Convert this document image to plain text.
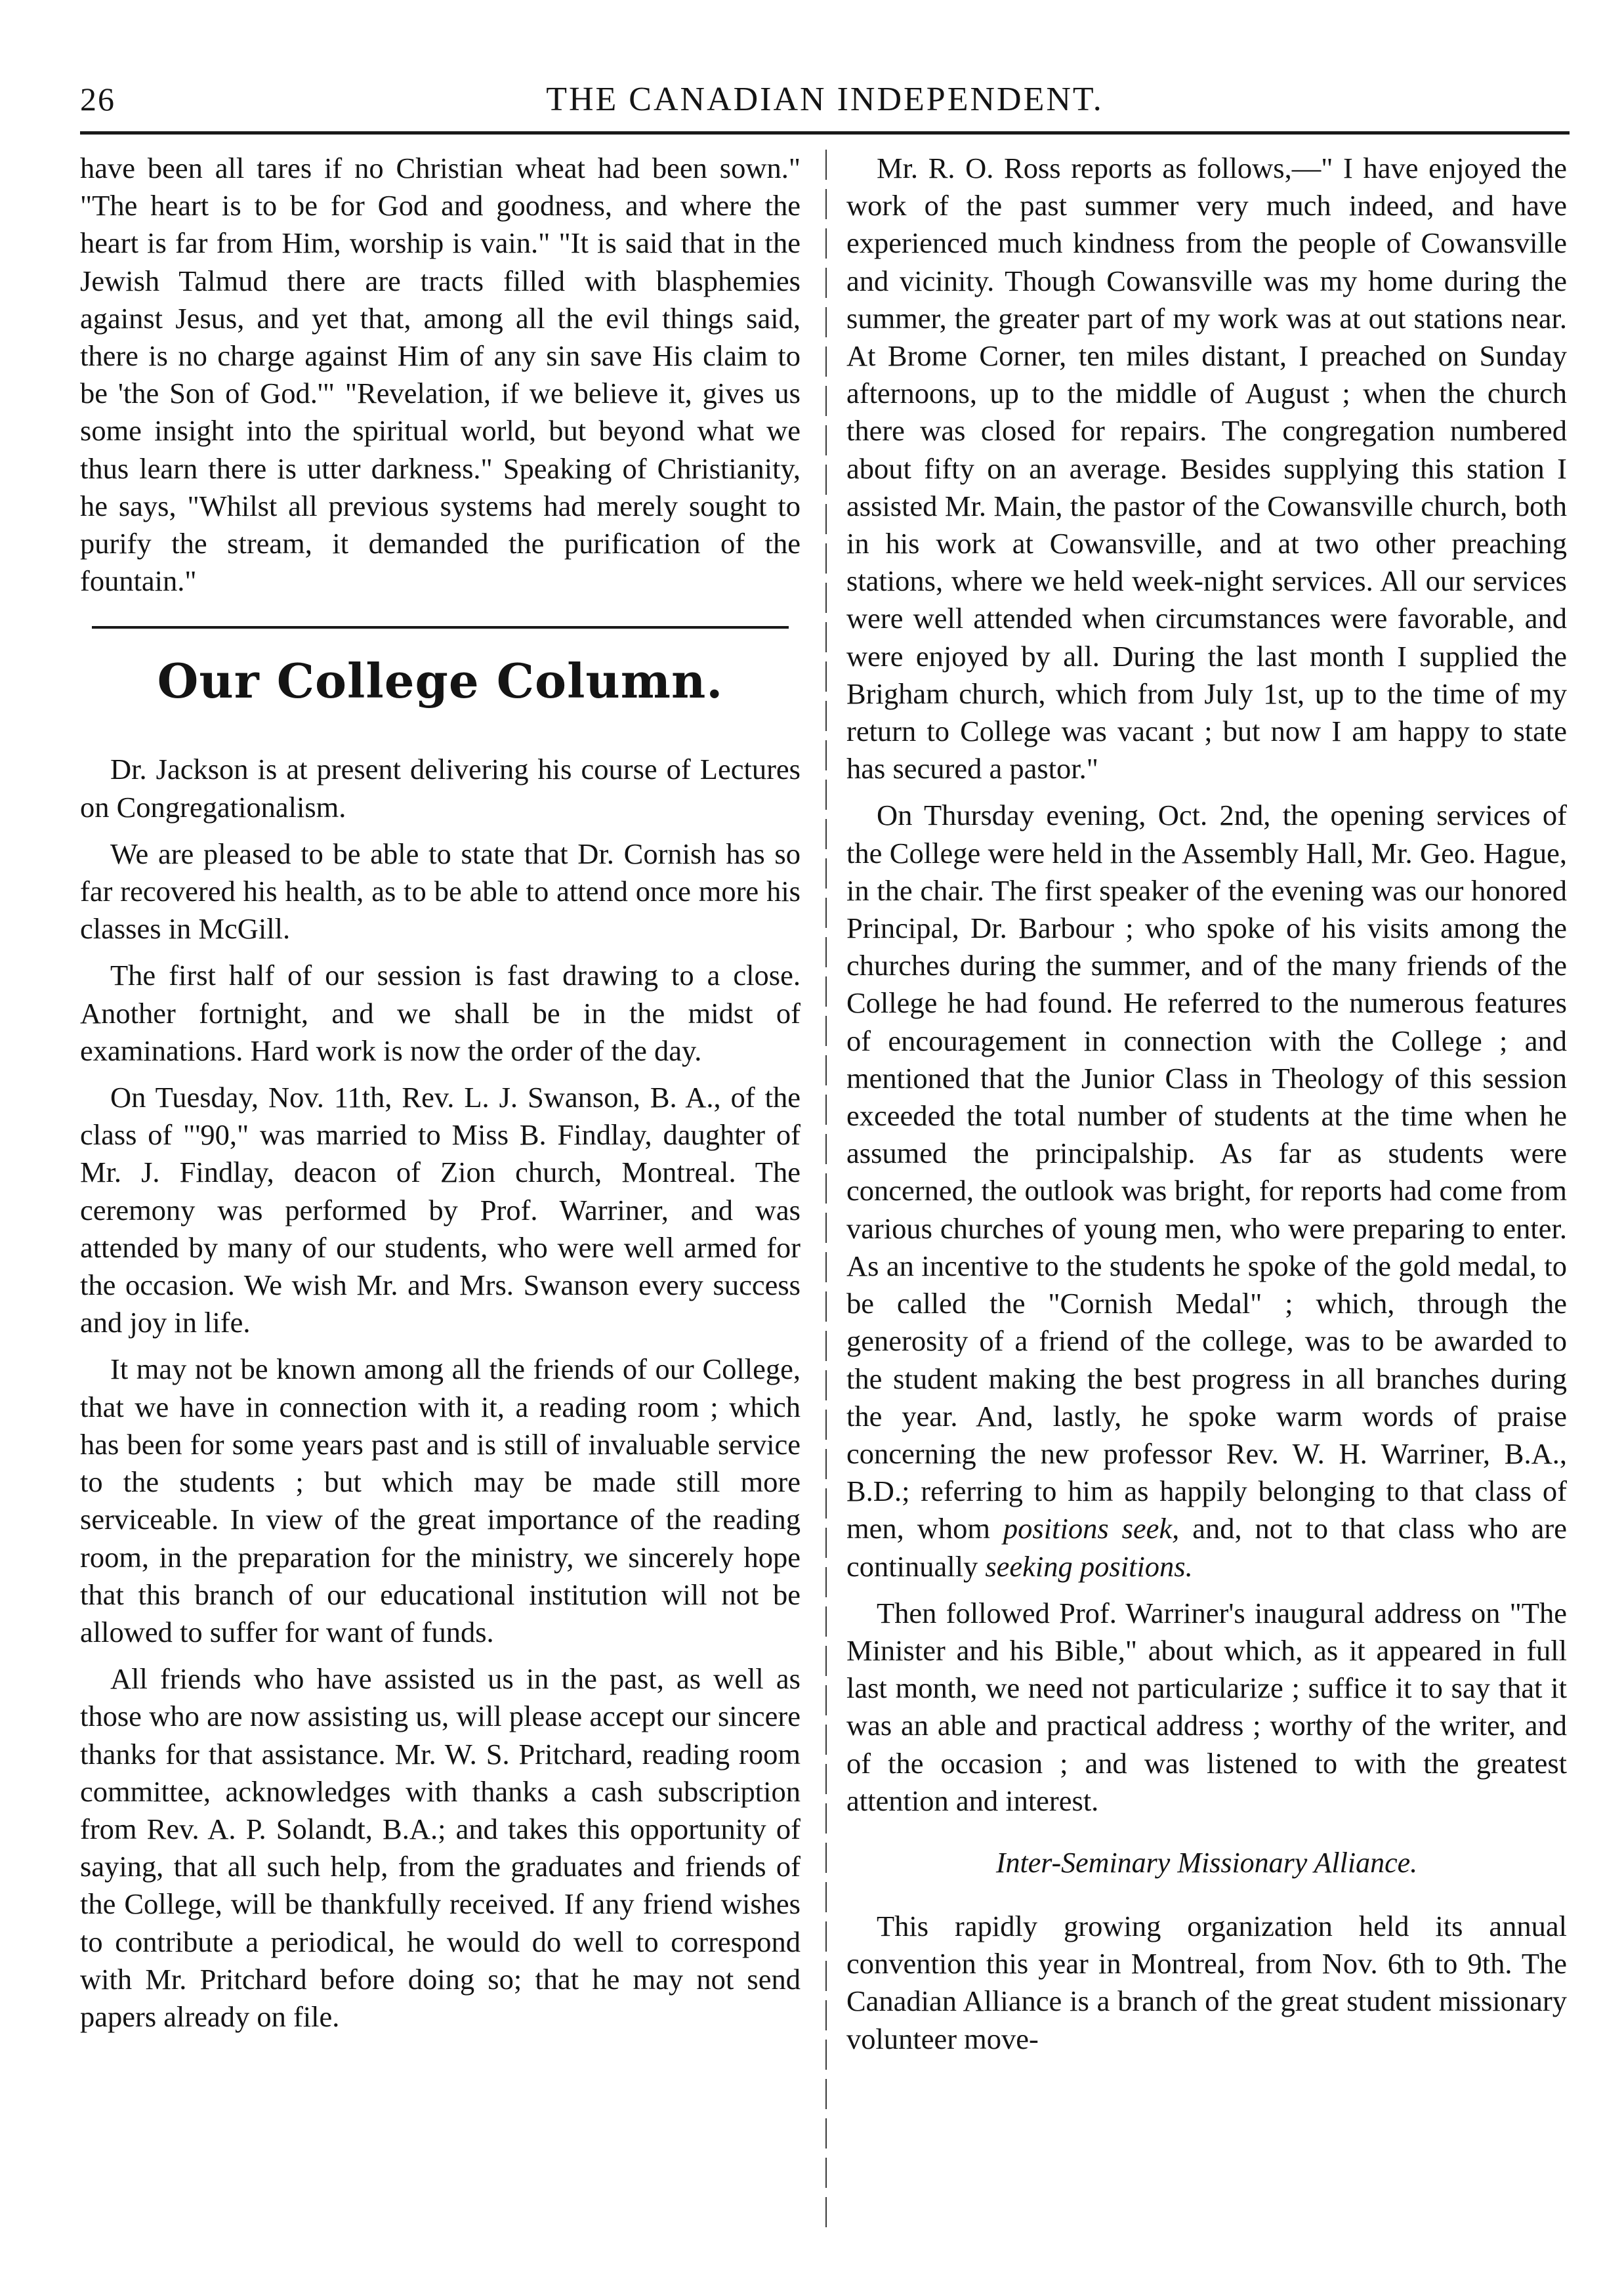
26	THE CANADIAN INDEPENDENT.

have been all tares if no Christian wheat had been sown." "The heart is to be for God and goodness, and where the heart is far from Him, worship is vain." "It is said that in the Jewish Talmud there are tracts filled with blasphemies against Jesus, and yet that, among all the evil things said, there is no charge against Him of any sin save His claim to be 'the Son of God.'" "Revelation, if we believe it, gives us some insight into the spiritual world, but beyond what we thus learn there is utter darkness." Speaking of Christianity, he says, "Whilst all previous systems had merely sought to purify the stream, it demanded the purification of the fountain."

Our College Column.

Dr. Jackson is at present delivering his course of Lectures on Congregationalism.

We are pleased to be able to state that Dr. Cornish has so far recovered his health, as to be able to attend once more his classes in McGill.

The first half of our session is fast drawing to a close. Another fortnight, and we shall be in the midst of examinations. Hard work is now the order of the day.

On Tuesday, Nov. 11th, Rev. L. J. Swanson, B. A., of the class of "'90," was married to Miss B. Findlay, daughter of Mr. J. Findlay, deacon of Zion church, Montreal. The ceremony was performed by Prof. Warriner, and was attended by many of our students, who were well armed for the occasion. We wish Mr. and Mrs. Swanson every success and joy in life.

It may not be known among all the friends of our College, that we have in connection with it, a reading room ; which has been for some years past and is still of invaluable service to the students ; but which may be made still more serviceable. In view of the great importance of the reading room, in the preparation for the ministry, we sincerely hope that this branch of our educational institution will not be allowed to suffer for want of funds.

All friends who have assisted us in the past, as well as those who are now assisting us, will please accept our sincere thanks for that assistance. Mr. W. S. Pritchard, reading room committee, acknowledges with thanks a cash subscription from Rev. A. P. Solandt, B.A.; and takes this opportunity of saying, that all such help, from the graduates and friends of the College, will be thankfully received. If any friend wishes to contribute a periodical, he would do well to correspond with Mr. Pritchard before doing so; that he may not send papers already on file.

Mr. R. O. Ross reports as follows,—" I have enjoyed the work of the past summer very much indeed, and have experienced much kindness from the people of Cowansville and vicinity. Though Cowansville was my home during the summer, the greater part of my work was at out stations near. At Brome Corner, ten miles distant, I preached on Sunday afternoons, up to the middle of August ; when the church there was closed for repairs. The congregation numbered about fifty on an average. Besides supplying this station I assisted Mr. Main, the pastor of the Cowansville church, both in his work at Cowansville, and at two other preaching stations, where we held week-night services. All our services were well attended when circumstances were favorable, and were enjoyed by all. During the last month I supplied the Brigham church, which from July 1st, up to the time of my return to College was vacant ; but now I am happy to state has secured a pastor."

On Thursday evening, Oct. 2nd, the opening services of the College were held in the Assembly Hall, Mr. Geo. Hague, in the chair. The first speaker of the evening was our honored Principal, Dr. Barbour ; who spoke of his visits among the churches during the summer, and of the many friends of the College he had found. He referred to the numerous features of encouragement in connection with the College ; and mentioned that the Junior Class in Theology of this session exceeded the total number of students at the time when he assumed the principalship. As far as students were concerned, the outlook was bright, for reports had come from various churches of young men, who were preparing to enter. As an incentive to the students he spoke of the gold medal, to be called the "Cornish Medal" ; which, through the generosity of a friend of the college, was to be awarded to the student making the best progress in all branches during the year. And, lastly, he spoke warm words of praise concerning the new professor Rev. W. H. Warriner, B.A., B.D.; referring to him as happily belonging to that class of men, whom positions seek, and, not to that class who are continually seeking positions.

Then followed Prof. Warriner's inaugural address on "The Minister and his Bible," about which, as it appeared in full last month, we need not particularize ; suffice it to say that it was an able and practical address ; worthy of the writer, and of the occasion ; and was listened to with the greatest attention and interest.

Inter-Seminary Missionary Alliance.

This rapidly growing organization held its annual convention this year in Montreal, from Nov. 6th to 9th. The Canadian Alliance is a branch of the great student missionary volunteer move-
